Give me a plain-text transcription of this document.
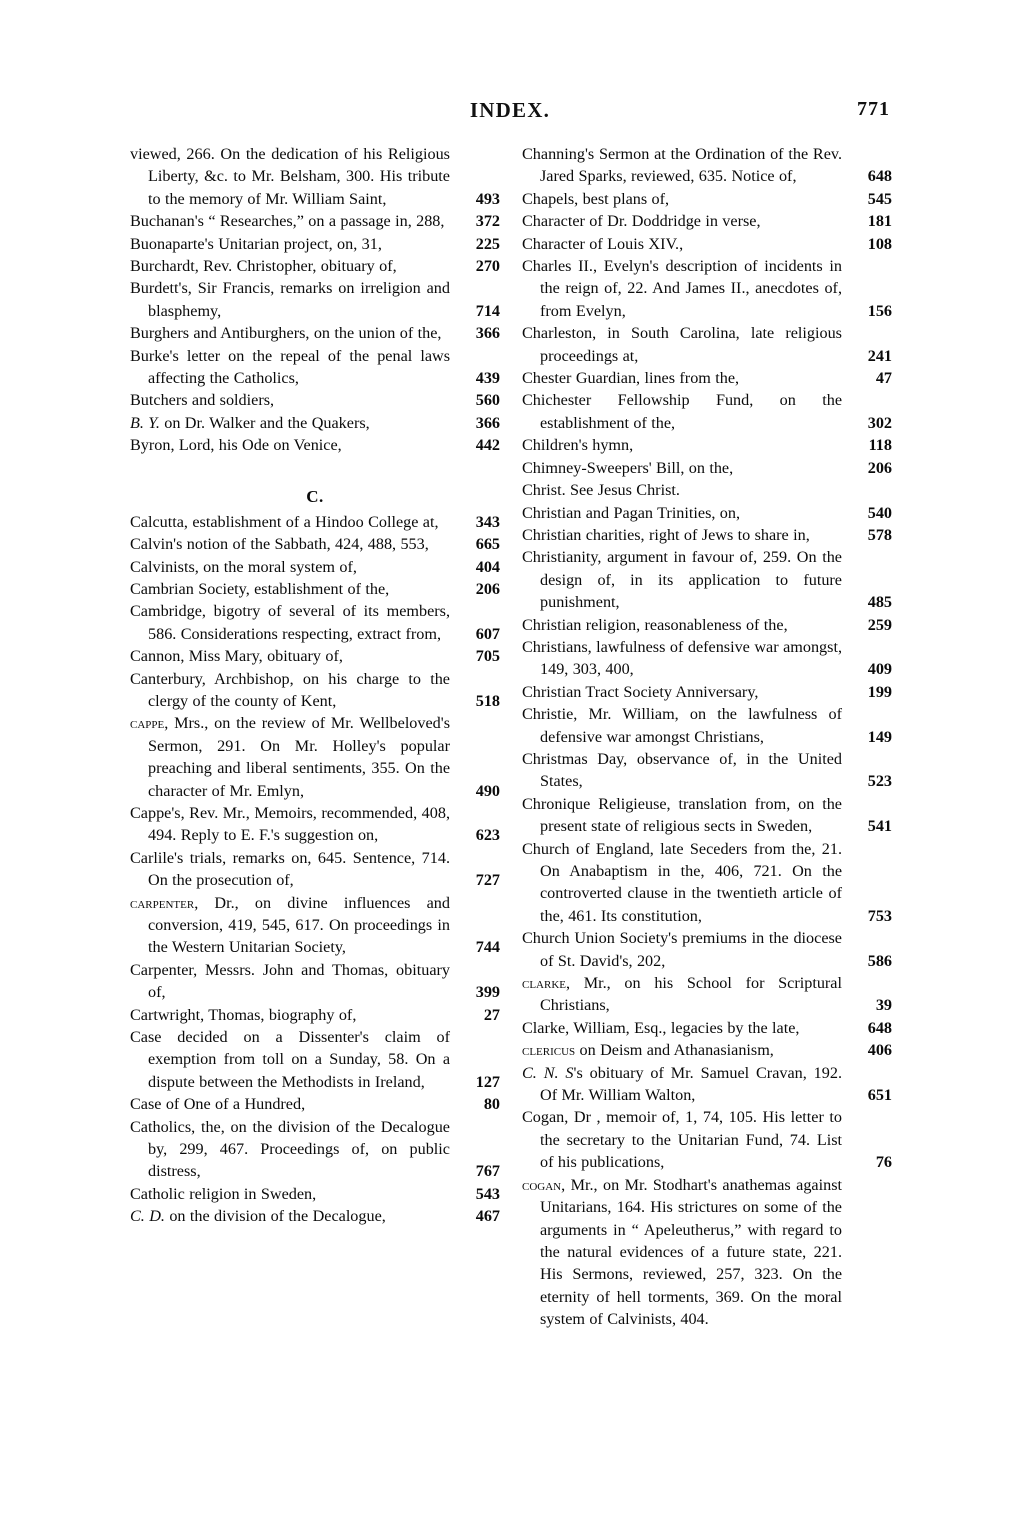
INDEX.	771
viewed, 266. On the dedication of his Religious Liberty, &c. to Mr. Belsham, 300. His tribute to the memory of Mr. William Saint,	493
Buchanan's “ Researches,” on a passage in, 288,	372
Buonaparte's Unitarian project, on, 31,	225
Burchardt, Rev. Christopher, obituary of,	270
Burdett's, Sir Francis, remarks on irreligion and blasphemy,	714
Burghers and Antiburghers, on the union of the,	366
Burke's letter on the repeal of the penal laws affecting the Catholics,	439
Butchers and soldiers,	560
B. Y. on Dr. Walker and the Quakers,	366
Byron, Lord, his Ode on Venice,	442
C.
Calcutta, establishment of a Hindoo College at,	343
Calvin's notion of the Sabbath, 424, 488, 553,	665
Calvinists, on the moral system of,	404
Cambrian Society, establishment of the,	206
Cambridge, bigotry of several of its members, 586. Considerations respecting, extract from,	607
Cannon, Miss Mary, obituary of,	705
Canterbury, Archbishop, on his charge to the clergy of the county of Kent,	518
cappe, Mrs., on the review of Mr. Wellbeloved's Sermon, 291. On Mr. Holley's popular preaching and liberal sentiments, 355. On the character of Mr. Emlyn,	490
Cappe's, Rev. Mr., Memoirs, recommended, 408, 494. Reply to E. F.'s suggestion on,	623
Carlile's trials, remarks on, 645. Sentence, 714. On the prosecution of,	727
carpenter, Dr., on divine influences and conversion, 419, 545, 617. On proceedings in the Western Unitarian Society,	744
Carpenter, Messrs. John and Thomas, obituary of,	399
Cartwright, Thomas, biography of,	27
Case decided on a Dissenter's claim of exemption from toll on a Sunday, 58. On a dispute between the Methodists in Ireland,	127
Case of One of a Hundred,	80
Catholics, the, on the division of the Decalogue by, 299, 467. Proceedings of, on public distress,	767
Catholic religion in Sweden,	543
C. D. on the division of the Decalogue,	467
Channing's Sermon at the Ordination of the Rev. Jared Sparks, reviewed, 635. Notice of,	648
Chapels, best plans of,	545
Character of Dr. Doddridge in verse,	181
Character of Louis XIV.,	108
Charles II., Evelyn's description of incidents in the reign of, 22. And James II., anecdotes of, from Evelyn,	156
Charleston, in South Carolina, late religious proceedings at,	241
Chester Guardian, lines from the,	47
Chichester Fellowship Fund, on the establishment of the,	302
Children's hymn,	118
Chimney-Sweepers' Bill, on the,	206
Christ. See Jesus Christ.
Christian and Pagan Trinities, on,	540
Christian charities, right of Jews to share in,	578
Christianity, argument in favour of, 259. On the design of, in its application to future punishment,	485
Christian religion, reasonableness of the,	259
Christians, lawfulness of defensive war amongst, 149, 303, 400,	409
Christian Tract Society Anniversary,	199
Christie, Mr. William, on the lawfulness of defensive war amongst Christians,	149
Christmas Day, observance of, in the United States,	523
Chronique Religieuse, translation from, on the present state of religious sects in Sweden,	541
Church of England, late Seceders from the, 21. On Anabaptism in the, 406, 721. On the controverted clause in the twentieth article of the, 461. Its constitution,	753
Church Union Society's premiums in the diocese of St. David's, 202,	586
clarke, Mr., on his School for Scriptural Christians,	39
Clarke, William, Esq., legacies by the late,	648
clericus on Deism and Athanasianism,	406
C. N. S's obituary of Mr. Samuel Cravan, 192. Of Mr. William Walton,	651
Cogan, Dr , memoir of, 1, 74, 105. His letter to the secretary to the Unitarian Fund, 74. List of his publications,	76
cogan, Mr., on Mr. Stodhart's anathemas against Unitarians, 164. His strictures on some of the arguments in “ Apeleutherus,” with regard to the natural evidences of a future state, 221. His Sermons, reviewed, 257, 323. On the eternity of hell torments, 369. On the moral system of Calvinists, 404.
